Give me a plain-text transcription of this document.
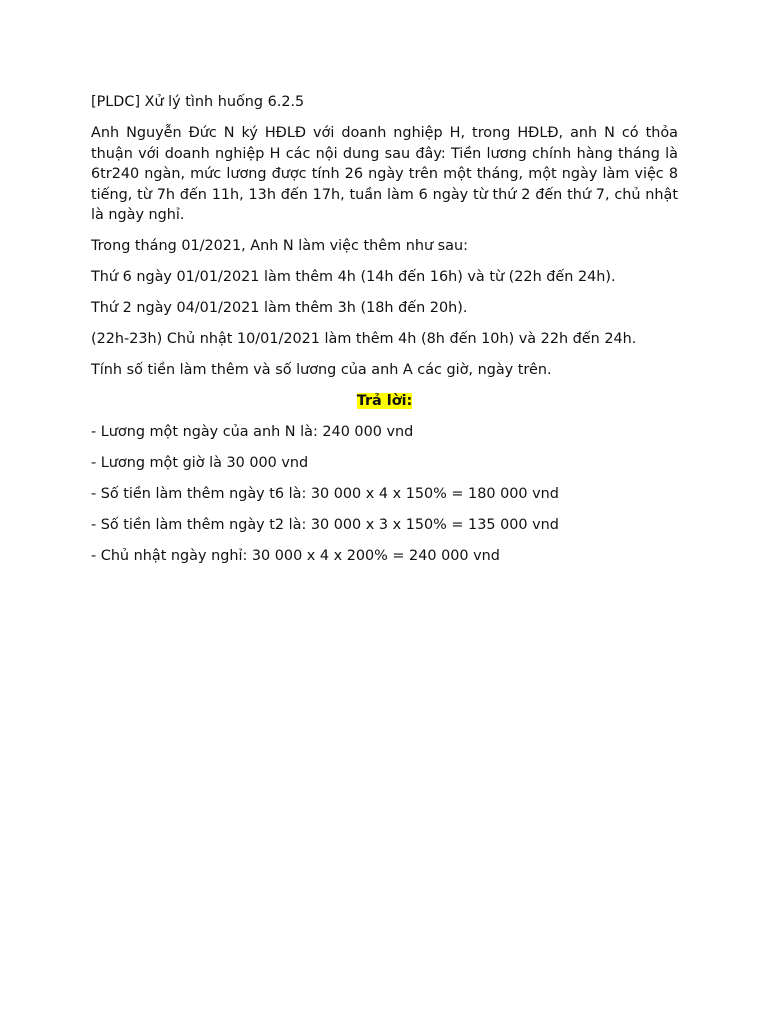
[PLDC] Xử lý tình huống 6.2.5

Anh Nguyễn Đức N ký HĐLĐ với doanh nghiệp H, trong HĐLĐ, anh N có thỏa thuận với doanh nghiệp H các nội dung sau đây: Tiền lương chính hàng tháng là 6tr240 ngàn, mức lương được tính 26 ngày trên một tháng, một ngày làm việc 8 tiếng, từ 7h đến 11h, 13h đến 17h, tuần làm 6 ngày từ thứ 2 đến thứ 7, chủ nhật là ngày nghỉ.

Trong tháng 01/2021, Anh N làm việc thêm như sau:

Thứ 6 ngày 01/01/2021 làm thêm 4h (14h đến 16h) và từ (22h đến 24h).

Thứ 2 ngày 04/01/2021 làm thêm 3h (18h đến 20h).

(22h-23h) Chủ nhật 10/01/2021 làm thêm 4h (8h đến 10h) và 22h đến 24h.

Tính số tiền làm thêm và số lương của anh A các giờ, ngày trên.

Trả lời:

- Lương một ngày của anh N là: 240 000 vnd

- Lương một giờ là 30 000 vnd

- Số tiền làm thêm ngày t6 là: 30 000 x 4 x 150% = 180 000 vnd

- Số tiền làm thêm ngày t2 là: 30 000 x 3 x 150% = 135 000 vnd

- Chủ nhật ngày nghỉ: 30 000 x 4 x 200% = 240 000 vnd
